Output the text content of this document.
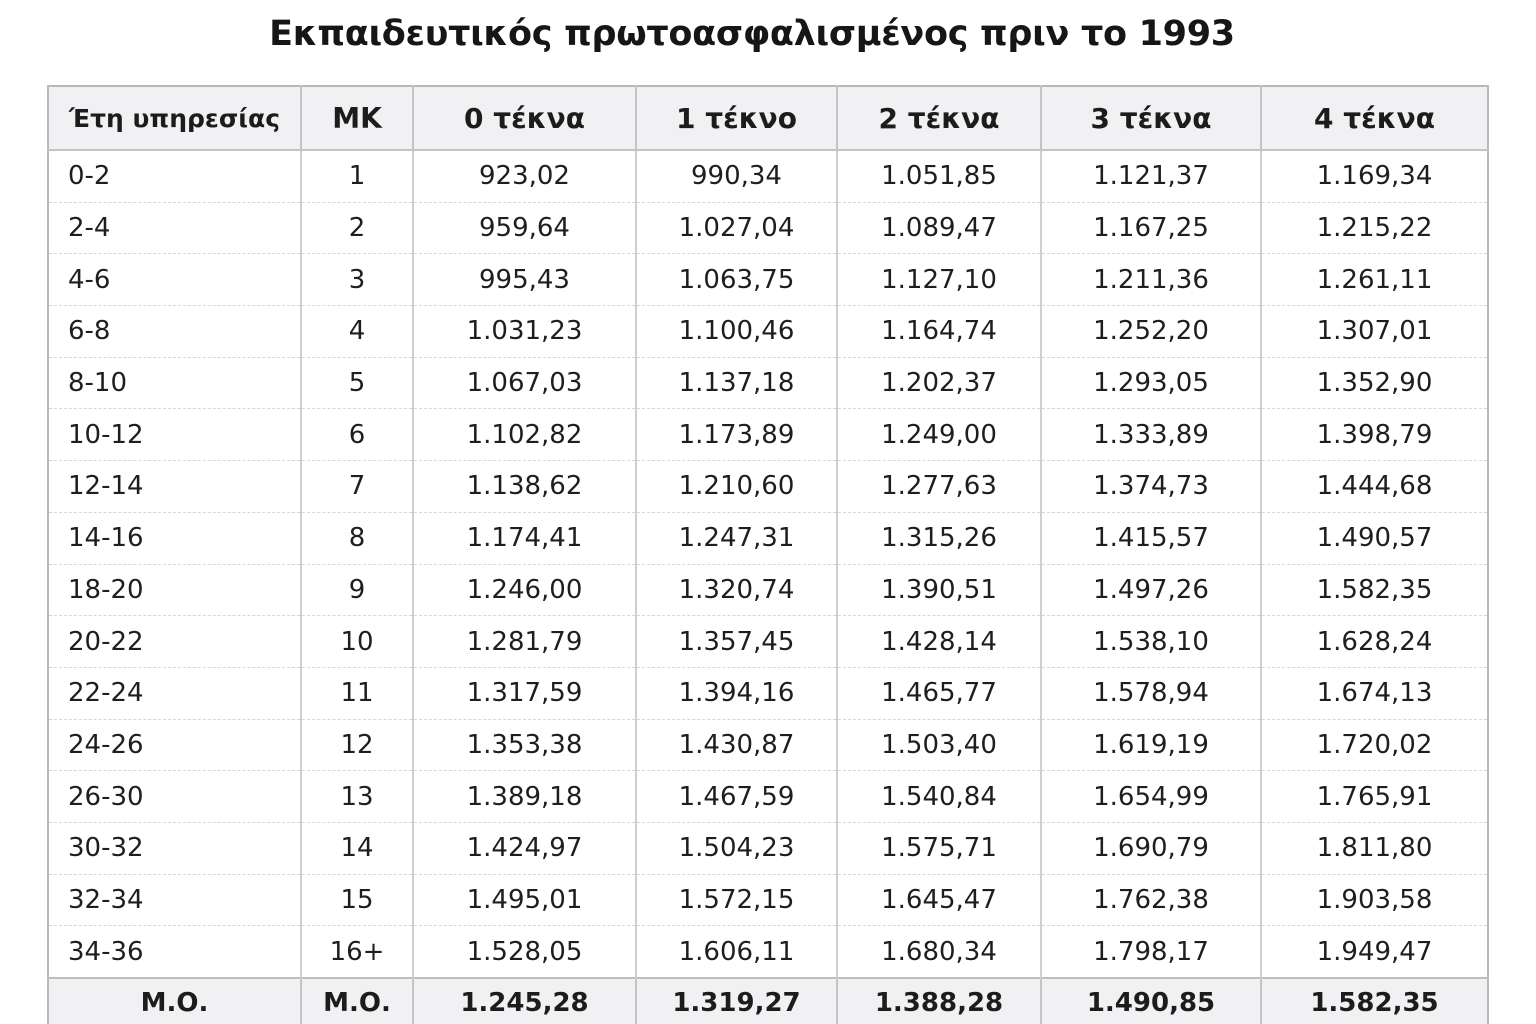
Εκπαιδευτικός πρωτοασφαλισμένος πριν το 1993
Έτη υπηρεσίας	ΜΚ	0 τέκνα	1 τέκνο	2 τέκνα	3 τέκνα	4 τέκνα
0-2	1	923,02	990,34	1.051,85	1.121,37	1.169,34
2-4	2	959,64	1.027,04	1.089,47	1.167,25	1.215,22
4-6	3	995,43	1.063,75	1.127,10	1.211,36	1.261,11
6-8	4	1.031,23	1.100,46	1.164,74	1.252,20	1.307,01
8-10	5	1.067,03	1.137,18	1.202,37	1.293,05	1.352,90
10-12	6	1.102,82	1.173,89	1.249,00	1.333,89	1.398,79
12-14	7	1.138,62	1.210,60	1.277,63	1.374,73	1.444,68
14-16	8	1.174,41	1.247,31	1.315,26	1.415,57	1.490,57
18-20	9	1.246,00	1.320,74	1.390,51	1.497,26	1.582,35
20-22	10	1.281,79	1.357,45	1.428,14	1.538,10	1.628,24
22-24	11	1.317,59	1.394,16	1.465,77	1.578,94	1.674,13
24-26	12	1.353,38	1.430,87	1.503,40	1.619,19	1.720,02
26-30	13	1.389,18	1.467,59	1.540,84	1.654,99	1.765,91
30-32	14	1.424,97	1.504,23	1.575,71	1.690,79	1.811,80
32-34	15	1.495,01	1.572,15	1.645,47	1.762,38	1.903,58
34-36	16+	1.528,05	1.606,11	1.680,34	1.798,17	1.949,47
Μ.Ο.	Μ.Ο.	1.245,28	1.319,27	1.388,28	1.490,85	1.582,35
